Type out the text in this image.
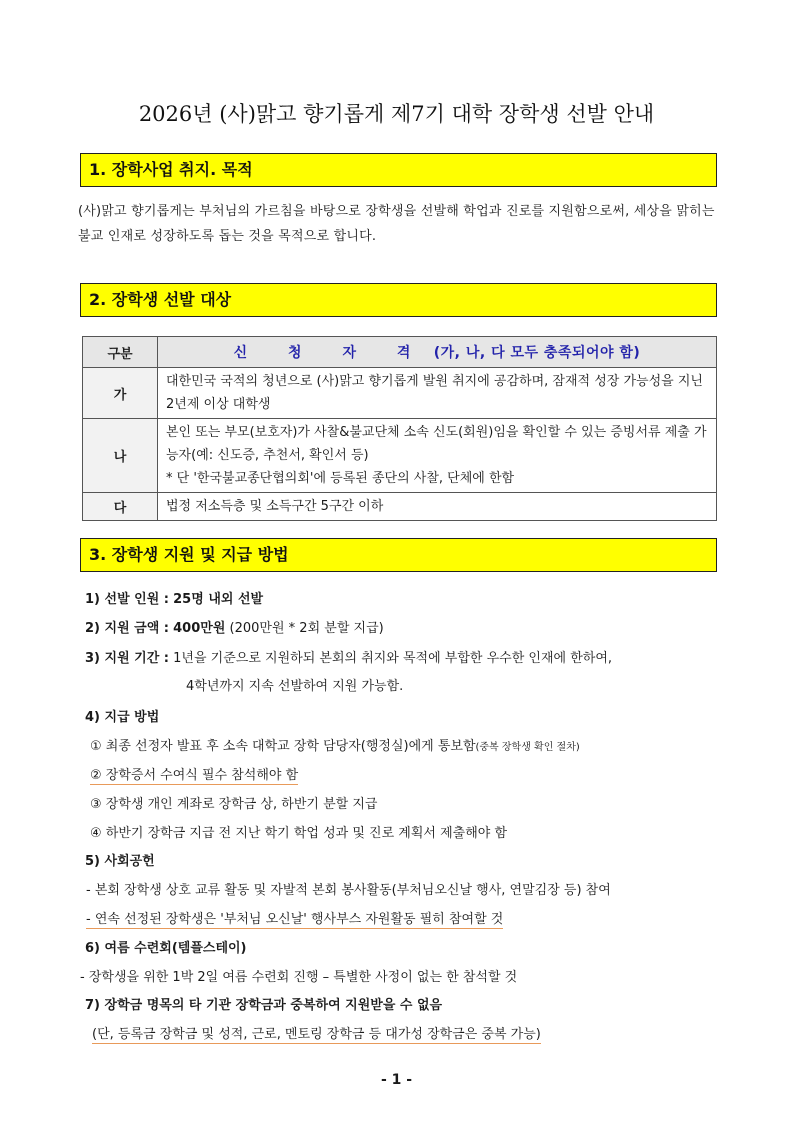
2026년 (사)맑고 향기롭게 제7기 대학 장학생 선발 안내
1. 장학사업 취지. 목적
(사)맑고 향기롭게는 부처님의 가르침을 바탕으로 장학생을 선발해 학업과 진로를 지원함으로써, 세상을 맑히는 불교 인재로 성장하도록 돕는 것을 목적으로 합니다.
2. 장학생 선발 대상
구분	신 청 자 격 (가, 나, 다 모두 충족되어야 함)
가	대한민국 국적의 청년으로 (사)맑고 향기롭게 발원 취지에 공감하며, 잠재적 성장 가능성을 지닌 2년제 이상 대학생
나	본인 또는 부모(보호자)가 사찰&불교단체 소속 신도(회원)임을 확인할 수 있는 증빙서류 제출 가능자(예: 신도증, 추천서, 확인서 등)
* 단 '한국불교종단협의회'에 등록된 종단의 사찰, 단체에 한함

다	법정 저소득층 및 소득구간 5구간 이하
3. 장학생 지원 및 지급 방법
1) 선발 인원 : 25명 내외 선발
2) 지원 금액 : 400만원 (200만원 * 2회 분할 지급)
3) 지원 기간 : 1년을 기준으로 지원하되 본회의 취지와 목적에 부합한 우수한 인재에 한하여,
4학년까지 지속 선발하여 지원 가능함.
4) 지급 방법
① 최종 선정자 발표 후 소속 대학교 장학 담당자(행정실)에게 통보함(중복 장학생 확인 절차)
② 장학증서 수여식 필수 참석해야 함
③ 장학생 개인 계좌로 장학금 상, 하반기 분할 지급
④ 하반기 장학금 지급 전 지난 학기 학업 성과 및 진로 계획서 제출해야 함
5) 사회공헌
- 본회 장학생 상호 교류 활동 및 자발적 본회 봉사활동(부처님오신날 행사, 연말김장 등) 참여
- 연속 선정된 장학생은 '부처님 오신날' 행사부스 자원활동 필히 참여할 것
6) 여름 수련회(템플스테이)
- 장학생을 위한 1박 2일 여름 수련회 진행 – 특별한 사정이 없는 한 참석할 것
7) 장학금 명목의 타 기관 장학금과 중복하여 지원받을 수 없음
(단, 등록금 장학금 및 성적, 근로, 멘토링 장학금 등 대가성 장학금은 중복 가능)
- 1 -
